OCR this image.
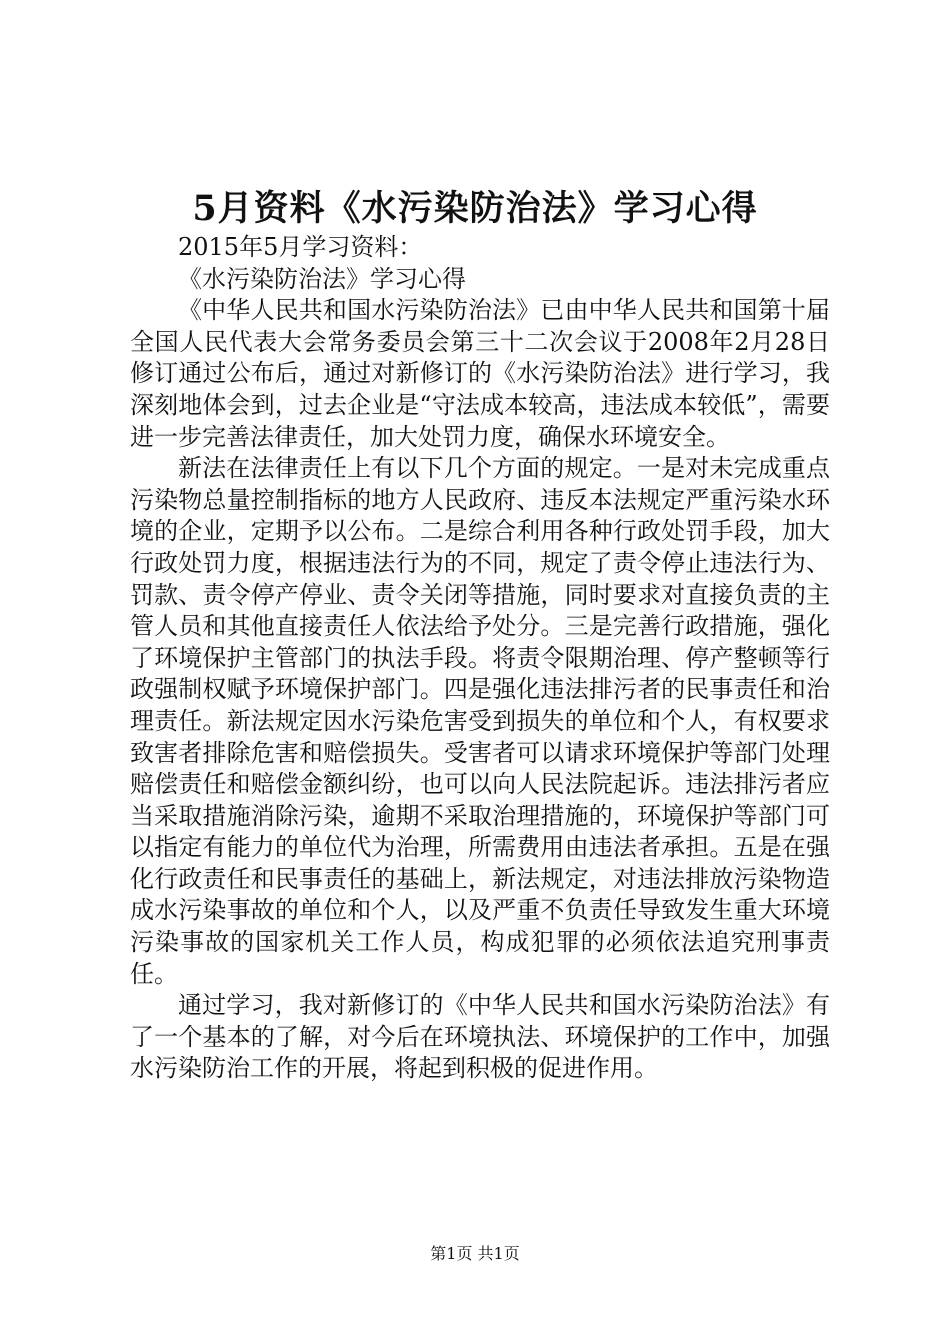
5月资料《水污染防治法》学习心得

2015年5月学习资料：

《水污染防治法》学习心得

《中华人民共和国水污染防治法》已由中华人民共和国第十届全国人民代表大会常务委员会第三十二次会议于2008年2月28日修订通过公布后，通过对新修订的《水污染防治法》进行学习，我深刻地体会到，过去企业是“守法成本较高，违法成本较低”，需要进一步完善法律责任，加大处罚力度，确保水环境安全。

新法在法律责任上有以下几个方面的规定。一是对未完成重点污染物总量控制指标的地方人民政府、违反本法规定严重污染水环境的企业，定期予以公布。二是综合利用各种行政处罚手段，加大行政处罚力度，根据违法行为的不同，规定了责令停止违法行为、罚款、责令停产停业、责令关闭等措施，同时要求对直接负责的主管人员和其他直接责任人依法给予处分。三是完善行政措施，强化了环境保护主管部门的执法手段。将责令限期治理、停产整顿等行政强制权赋予环境保护部门。四是强化违法排污者的民事责任和治理责任。新法规定因水污染危害受到损失的单位和个人，有权要求致害者排除危害和赔偿损失。受害者可以请求环境保护等部门处理赔偿责任和赔偿金额纠纷，也可以向人民法院起诉。违法排污者应当采取措施消除污染，逾期不采取治理措施的，环境保护等部门可以指定有能力的单位代为治理，所需费用由违法者承担。五是在强化行政责任和民事责任的基础上，新法规定，对违法排放污染物造成水污染事故的单位和个人，以及严重不负责任导致发生重大环境污染事故的国家机关工作人员，构成犯罪的必须依法追究刑事责任。

通过学习，我对新修订的《中华人民共和国水污染防治法》有了一个基本的了解，对今后在环境执法、环境保护的工作中，加强水污染防治工作的开展，将起到积极的促进作用。

第1页 共1页
